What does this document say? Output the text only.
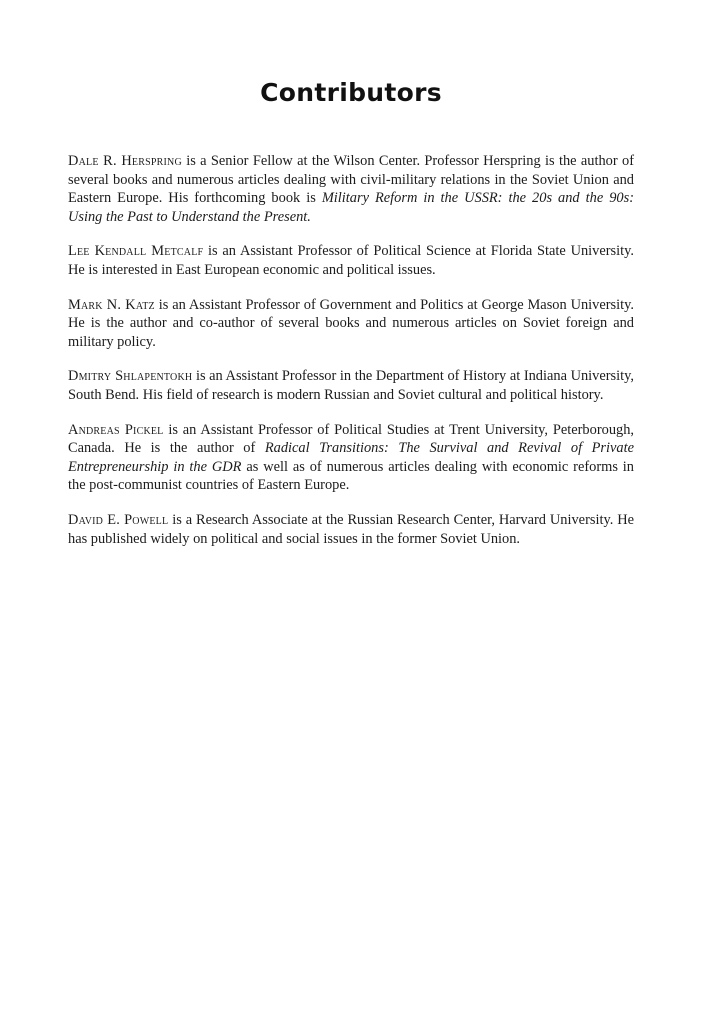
Contributors

Dale R. Herspring is a Senior Fellow at the Wilson Center. Professor Herspring is the author of several books and numerous articles dealing with civil-military relations in the Soviet Union and Eastern Europe. His forthcoming book is Military Reform in the USSR: the 20s and the 90s: Using the Past to Understand the Present.

Lee Kendall Metcalf is an Assistant Professor of Political Science at Florida State University. He is interested in East European economic and political issues.

Mark N. Katz is an Assistant Professor of Government and Politics at George Mason University. He is the author and co-author of several books and numerous articles on Soviet foreign and military policy.

Dmitry Shlapentokh is an Assistant Professor in the Department of History at Indiana University, South Bend. His field of research is modern Russian and Soviet cultural and political history.

Andreas Pickel is an Assistant Professor of Political Studies at Trent University, Peterborough, Canada. He is the author of Radical Transitions: The Survival and Revival of Private Entrepreneurship in the GDR as well as of numerous articles dealing with economic reforms in the post-communist countries of Eastern Europe.

David E. Powell is a Research Associate at the Russian Research Center, Harvard University. He has published widely on political and social issues in the former Soviet Union.
